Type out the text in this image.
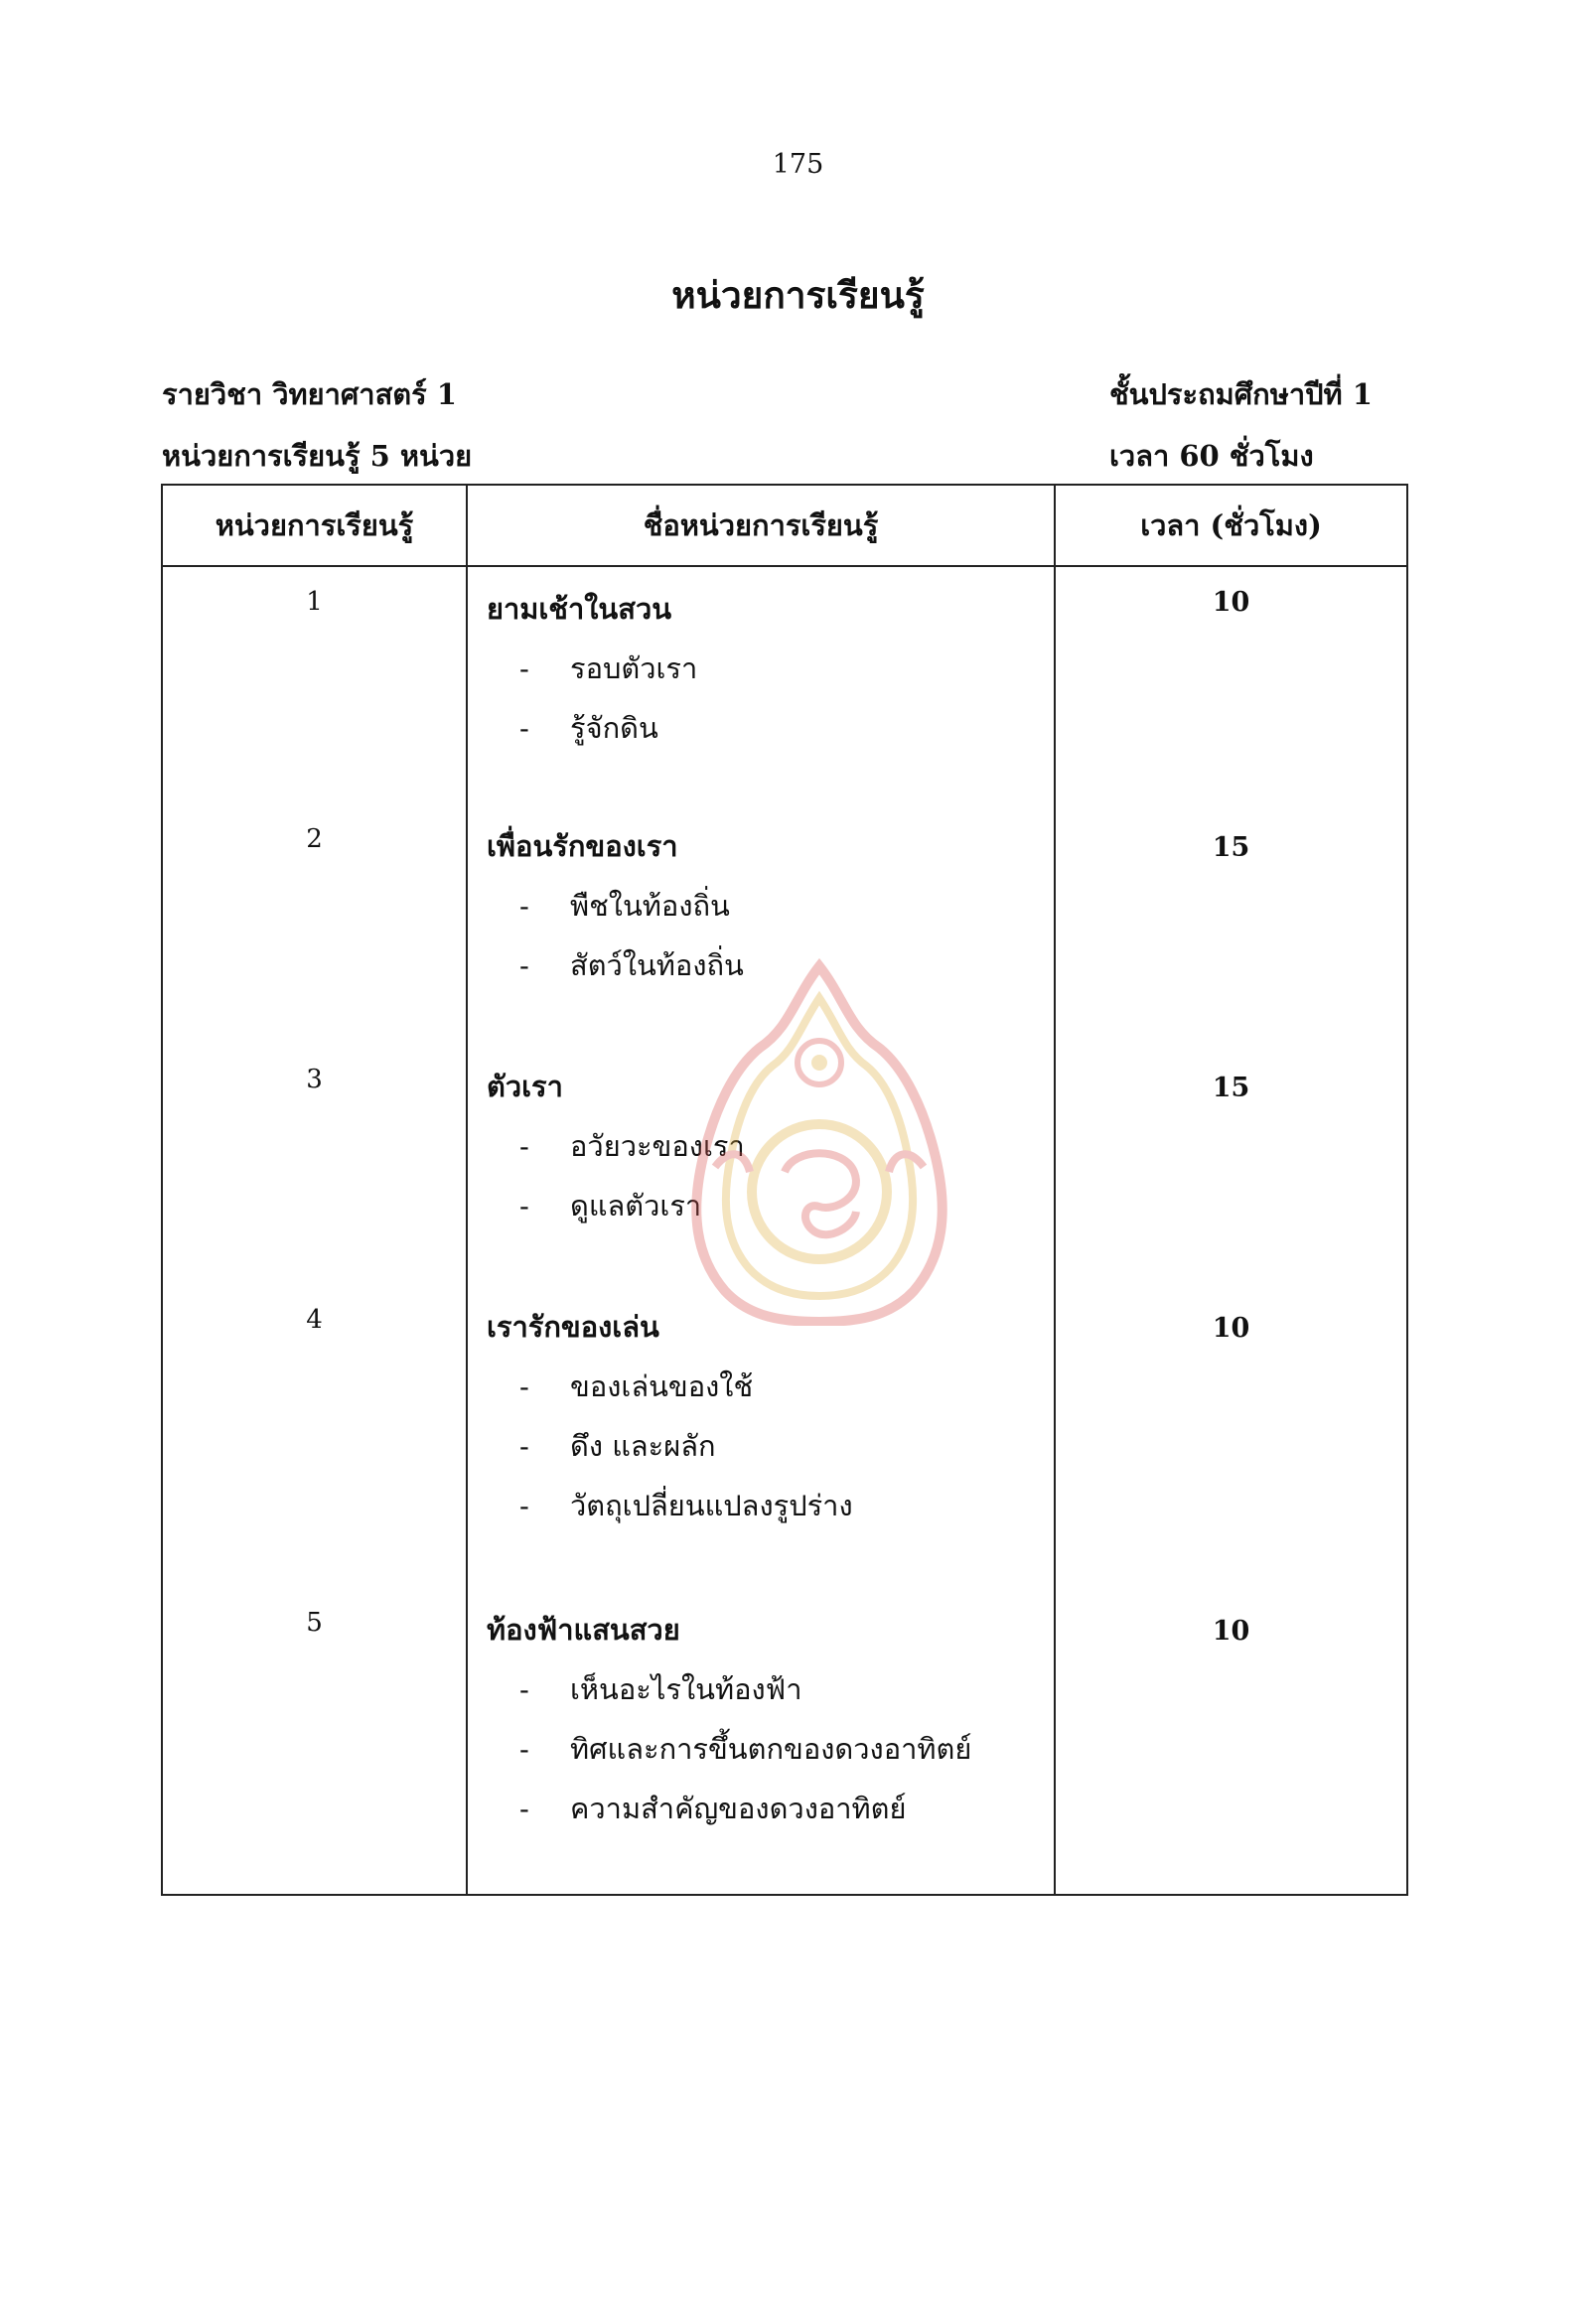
175
หน่วยการเรียนรู้
รายวิชา วิทยาศาสตร์ 1	ชั้นประถมศึกษาปีที่ 1
หน่วยการเรียนรู้ 5 หน่วย	เวลา 60 ชั่วโมง
หน่วยการเรียนรู้	ชื่อหน่วยการเรียนรู้	เวลา (ชั่วโมง)
1	ยามเช้าในสวน
- รอบตัวเรา
- รู้จักดิน	10
2	เพื่อนรักของเรา
- พืชในท้องถิ่น
- สัตว์ในท้องถิ่น	15
3	ตัวเรา
- อวัยวะของเรา
- ดูแลตัวเรา	15
4	เรารักของเล่น
- ของเล่นของใช้
- ดึง และผลัก
- วัตถุเปลี่ยนแปลงรูปร่าง	10
5	ท้องฟ้าแสนสวย
- เห็นอะไรในท้องฟ้า
- ทิศและการขึ้นตกของดวงอาทิตย์
- ความสำคัญของดวงอาทิตย์	10
